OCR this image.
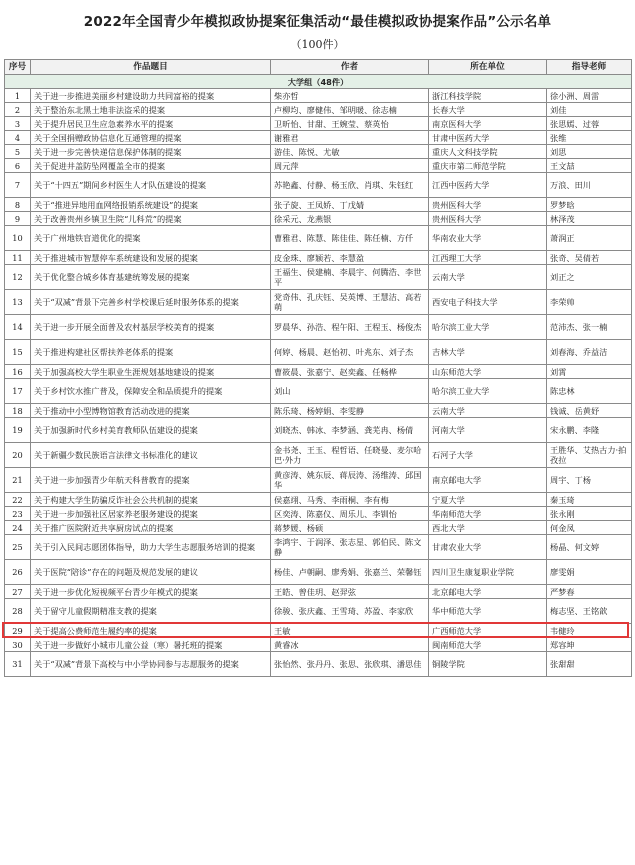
2022年全国青少年模拟政协提案征集活动“最佳模拟政协提案作品”公示名单
（100件）
序号	作品题目	作者	所在单位	指导老师
大学组（48件）				
1	关于进一步推进美丽乡村建设助力共同富裕的提案	柴亦哲	浙江科技学院	徐小洲、周雷
2	关于整治东北黑土地非法盗采的提案	卢柳均、廖健伟、邹明暖、徐志楠	长春大学	刘佳
3	关于提升居民卫生应急素养水平的提案	卫昕怡、甘甜、王婉莹、蔡英怡	南京医科大学	张思嫣、过蓉
4	关于全国捐赠政协信息化互通管理的提案	谢雅君	甘肃中医药大学	张维
5	关于进一步完善快递信息保护体制的提案	游佳、陈悦、尤敏	重庆人文科技学院	刘思
6	关于促进井盖防坠网覆盖全市的提案	周元萍	重庆市第二师范学院	王文喆
7	关于“十四五”期间乡村医生人才队伍建设的提案	苏艳鑫、付静、杨玉欣、肖琪、朱钰红	江西中医药大学	万浪、田川
8	关于“推进异地用血网络报销系统建设”的提案	张子旋、王凤娇、丁戊婧	贵州医科大学	罗梦晗
9	关于改善贵州乡镇卫生院“儿科荒”的提案	徐采元、龙燕银	贵州医科大学	林泽茂
10	关于广州地铁盲道优化的提案	曹雅君、陈慧、陈佳佳、陈任楠、方仟	华南农业大学	萧润正
11	关于推进城市智慧停车系统建设和发展的提案	皮金珠、廖颖若、李慧盈	江西理工大学	张奇、吴倩若
12	关于优化整合城乡体育基建统筹发展的提案	王福生、侯建楠、李晨宇、何腾浩、李世平	云南大学	刘正之
13	关于“双减”背景下完善乡村学校课后延时服务体系的提案	党奇伟、孔庆钰、吴英博、王慧洁、高若萌	西安电子科技大学	李荣帅
14	关于进一步开展全面普及农村基层学校美育的提案	罗晨华、孙浩、程午阳、王程玉、杨俊杰	哈尔滨工业大学	范沛杰、张一楠
15	关于推进构建社区帮扶养老体系的提案	何婷、杨晨、赵怡初、叶兆东、刘子杰	吉林大学	刘春海、乔益洁
16	关于加强高校大学生职业生涯规划基地建设的提案	曹筱晨、张嘉宁、赵奕鑫、任畅桦	山东师范大学	刘霄
17	关于乡村饮水推广普及，保障安全和品质提升的提案	刘山	哈尔滨工业大学	陈忠林
18	关于推动中小型博物馆教育活动改进的提案	陈乐琦、杨婷娟、李雯静	云南大学	钱诚、岳黄妤
19	关于加强新时代乡村美育教师队伍建设的提案	刘晓杰、韩冰、李梦涵、龚芜冉、杨倩	河南大学	宋永鹏、李隆
20	关于新疆少数民族语言法律文书标准化的建议	金书尧、王玉、程哲语、任晓曼、麦尔哈巴·外力	石河子大学	王胜华、艾热古力·拍孜拉
21	关于进一步加强青少年航天科普教育的提案	黄彦涛、姚东辰、蒋辰涛、汤维涛、邱国华	南京邮电大学	周宇、丁杨
22	关于构建大学生防骗反诈社会公共机制的提案	侯嘉翊、马秀、李雨桐、李有梅	宁夏大学	秦玉琦
23	关于进一步加强社区居家养老服务建设的提案	区奕涛、陈嘉仪、周乐儿、李钏怡	华南师范大学	张永刚
24	关于推广医院附近共享厨房试点的提案	蒋梦媛、杨硕	西北大学	何金凤
25	关于引入民间志愿团体指导，助力大学生志愿服务培训的提案	李鸿宇、于润泽、张志星、郭伯民、陈文静	甘肃农业大学	杨晶、何文婷
26	关于医院“陪诊”存在的问题及规范发展的建议	杨佳、卢朝嗣、廖秀娟、张嘉兰、荣馨钰	四川卫生康复职业学院	廖雯娟
27	关于进一步优化短视频平台青少年模式的提案	王皓、曾佳玥、赵羿弦	北京邮电大学	严梦春
28	关于留守儿童假期精准支教的提案	徐骏、张庆鑫、王雪琦、苏盈、李家欣	华中师范大学	梅志坚、王铭歆
29	关于提高公费师范生履约率的提案	王敏	广西师范大学	韦健玲
30	关于进一步做好小城市儿童公益（寒）暑托班的提案	黄睿冰	闽南师范大学	郑容坤
31	关于“双减”背景下高校与中小学协同参与志愿服务的提案	张怡然、张丹丹、张思、张欣琪、潘思佳	铜陵学院	张甜甜
